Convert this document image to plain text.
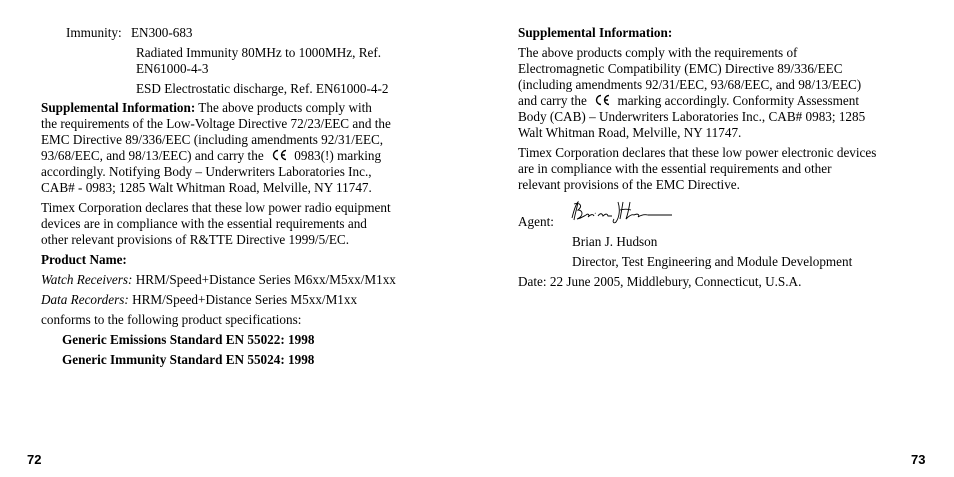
Immunity: EN300-683
Radiated Immunity 80MHz to 1000MHz, Ref.
EN61000-4-3
ESD Electrostatic discharge, Ref. EN61000-4-2
Supplemental Information: The above products comply with
the requirements of the Low-Voltage Directive 72/23/EEC and the
EMC Directive 89/336/EEC (including amendments 92/31/EEC,
93/68/EEC, and 98/13/EEC) and carry the 0983(!) marking
accordingly. Notifying Body – Underwriters Laboratories Inc.,
CAB# - 0983; 1285 Walt Whitman Road, Melville, NY 11747.
Timex Corporation declares that these low power radio equipment
devices are in compliance with the essential requirements and
other relevant provisions of R&TTE Directive 1999/5/EC.
Product Name:
Watch Receivers: HRM/Speed+Distance Series M6xx/M5xx/M1xx
Data Recorders: HRM/Speed+Distance Series M5xx/M1xx
conforms to the following product specifications:
Generic Emissions Standard EN 55022: 1998
Generic Immunity Standard EN 55024: 1998
72
Supplemental Information:
The above products comply with the requirements of
Electromagnetic Compatibility (EMC) Directive 89/336/EEC
(including amendments 92/31/EEC, 93/68/EEC, and 98/13/EEC)
and carry the marking accordingly. Conformity Assessment
Body (CAB) – Underwriters Laboratories Inc., CAB# 0983; 1285
Walt Whitman Road, Melville, NY 11747.
Timex Corporation declares that these low power electronic devices
are in compliance with the essential requirements and other
relevant provisions of the EMC Directive.
Agent:
Brian J. Hudson
Director, Test Engineering and Module Development
Date: 22 June 2005, Middlebury, Connecticut, U.S.A.
73
